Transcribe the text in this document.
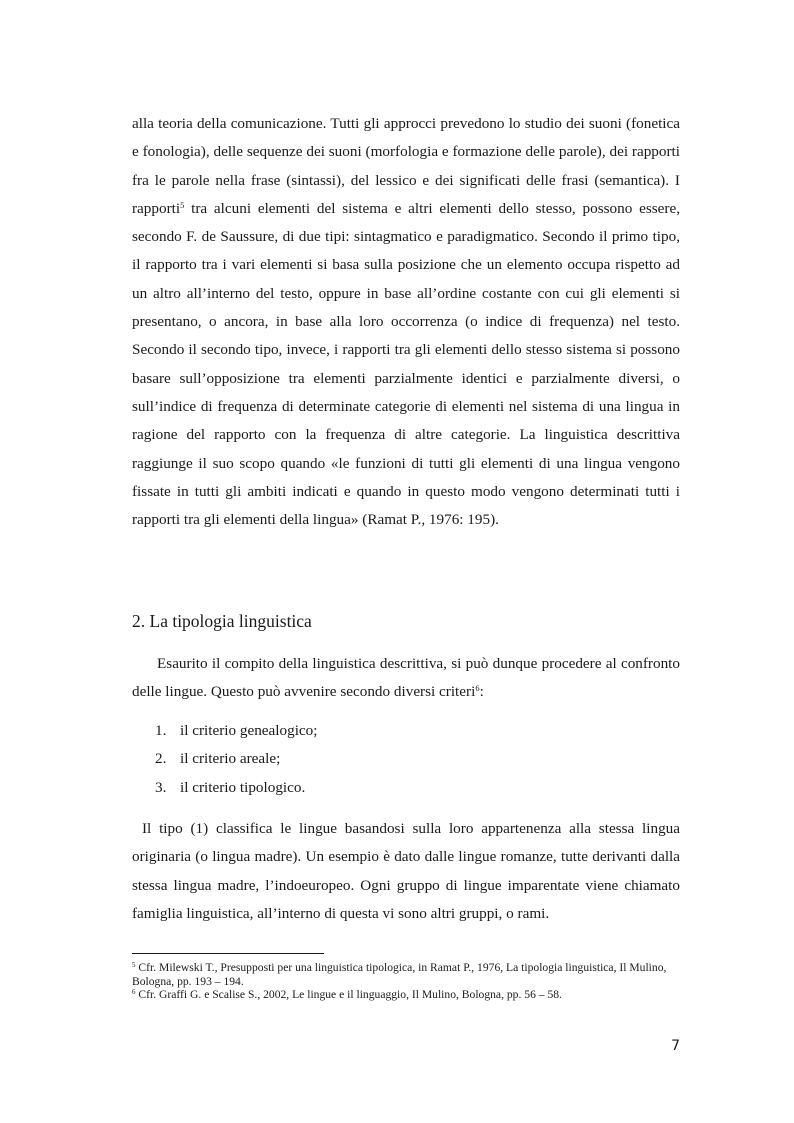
alla teoria della comunicazione. Tutti gli approcci prevedono lo studio dei suoni (fonetica e fonologia), delle sequenze dei suoni (morfologia e formazione delle parole), dei rapporti fra le parole nella frase (sintassi), del lessico e dei significati delle frasi (semantica). I rapporti$^5$ tra alcuni elementi del sistema e altri elementi dello stesso, possono essere, secondo F. de Saussure, di due tipi: sintagmatico e paradigmatico. Secondo il primo tipo, il rapporto tra i vari elementi si basa sulla posizione che un elemento occupa rispetto ad un altro all’interno del testo, oppure in base all’ordine costante con cui gli elementi si presentano, o ancora, in base alla loro occorrenza (o indice di frequenza) nel testo. Secondo il secondo tipo, invece, i rapporti tra gli elementi dello stesso sistema si possono basare sull’opposizione tra elementi parzialmente identici e parzialmente diversi, o sull’indice di frequenza di determinate categorie di elementi nel sistema di una lingua in ragione del rapporto con la frequenza di altre categorie. La linguistica descrittiva raggiunge il suo scopo quando «le funzioni di tutti gli elementi di una lingua vengono fissate in tutti gli ambiti indicati e quando in questo modo vengono determinati tutti i rapporti tra gli elementi della lingua» (Ramat P., 1976: 195).

2. La tipologia linguistica

Esaurito il compito della linguistica descrittiva, si può dunque procedere al confronto delle lingue. Questo può avvenire secondo diversi criteri$^6$:

1. il criterio genealogico;
2. il criterio areale;
3. il criterio tipologico.

Il tipo (1) classifica le lingue basandosi sulla loro appartenenza alla stessa lingua originaria (o lingua madre). Un esempio è dato dalle lingue romanze, tutte derivanti dalla stessa lingua madre, l’indoeuropeo. Ogni gruppo di lingue imparentate viene chiamato famiglia linguistica, all’interno di questa vi sono altri gruppi, o rami.

$^5$ Cfr. Milewski T., Presupposti per una linguistica tipologica, in Ramat P., 1976, La tipologia linguistica, Il Mulino, Bologna, pp. 193 – 194.

$^6$ Cfr. Graffi G. e Scalise S., 2002, Le lingue e il linguaggio, Il Mulino, Bologna, pp. 56 – 58.

7
